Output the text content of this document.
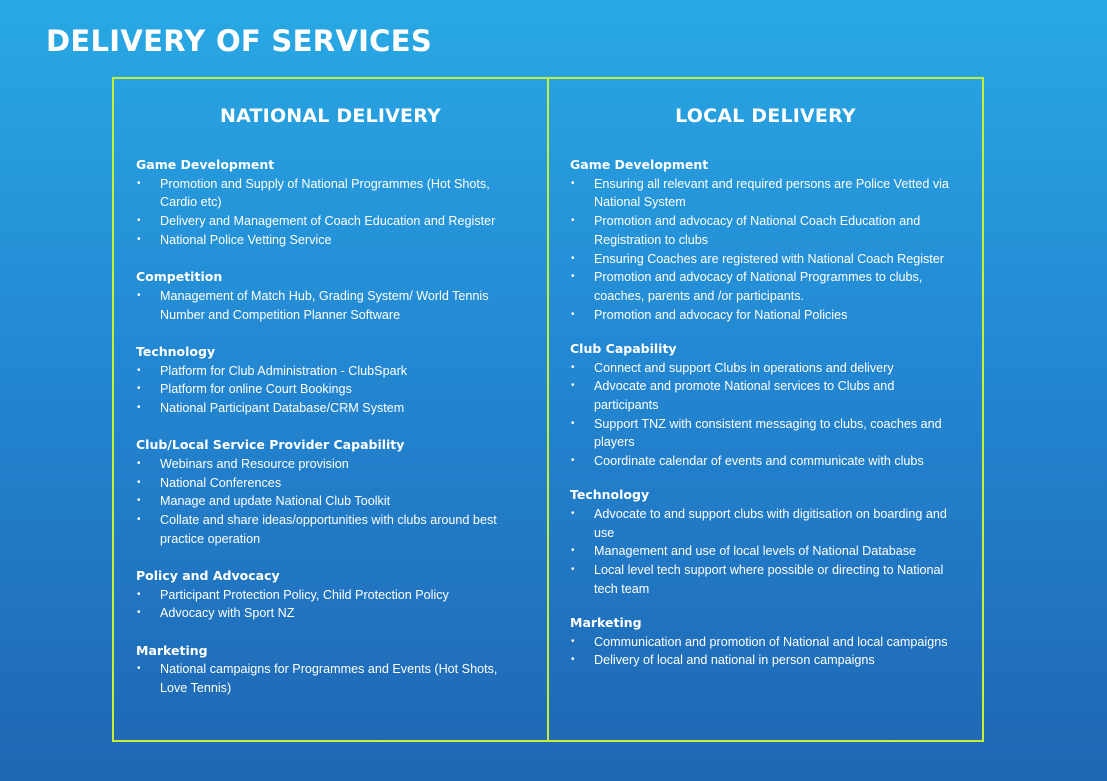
DELIVERY OF SERVICES
NATIONAL DELIVERY
Game Development
• Promotion and Supply of National Programmes (Hot Shots, Cardio etc)
• Delivery and Management of Coach Education and Register
• National Police Vetting Service
Competition
• Management of Match Hub, Grading System/ World Tennis Number and Competition Planner Software
Technology
• Platform for Club Administration - ClubSpark
• Platform for online Court Bookings
• National Participant Database/CRM System
Club/Local Service Provider Capability
• Webinars and Resource provision
• National Conferences
• Manage and update National Club Toolkit
• Collate and share ideas/opportunities with clubs around best practice operation
Policy and Advocacy
• Participant Protection Policy, Child Protection Policy
• Advocacy with Sport NZ
Marketing
• National campaigns for Programmes and Events (Hot Shots, Love Tennis)
LOCAL DELIVERY
Game Development
• Ensuring all relevant and required persons are Police Vetted via National System
• Promotion and advocacy of National Coach Education and Registration to clubs
• Ensuring Coaches are registered with National Coach Register
• Promotion and advocacy of National Programmes to clubs, coaches, parents and /or participants.
• Promotion and advocacy for National Policies
Club Capability
• Connect and support Clubs in operations and delivery
• Advocate and promote National services to Clubs and participants
• Support TNZ with consistent messaging to clubs, coaches and players
• Coordinate calendar of events and communicate with clubs
Technology
• Advocate to and support clubs with digitisation on boarding and use
• Management and use of local levels of National Database
• Local level tech support where possible or directing to National tech team
Marketing
• Communication and promotion of National and local campaigns
• Delivery of local and national in person campaigns
